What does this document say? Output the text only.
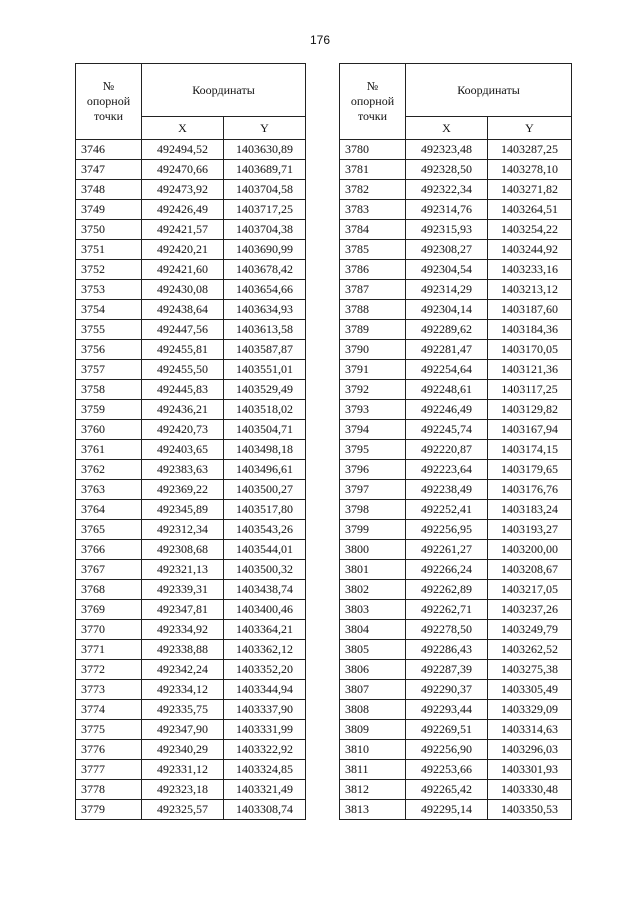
176
№
опорной
точки	Координаты	
	X	Y
3746	492494,52	1403630,89
3747	492470,66	1403689,71
3748	492473,92	1403704,58
3749	492426,49	1403717,25
3750	492421,57	1403704,38
3751	492420,21	1403690,99
3752	492421,60	1403678,42
3753	492430,08	1403654,66
3754	492438,64	1403634,93
3755	492447,56	1403613,58
3756	492455,81	1403587,87
3757	492455,50	1403551,01
3758	492445,83	1403529,49
3759	492436,21	1403518,02
3760	492420,73	1403504,71
3761	492403,65	1403498,18
3762	492383,63	1403496,61
3763	492369,22	1403500,27
3764	492345,89	1403517,80
3765	492312,34	1403543,26
3766	492308,68	1403544,01
3767	492321,13	1403500,32
3768	492339,31	1403438,74
3769	492347,81	1403400,46
3770	492334,92	1403364,21
3771	492338,88	1403362,12
3772	492342,24	1403352,20
3773	492334,12	1403344,94
3774	492335,75	1403337,90
3775	492347,90	1403331,99
3776	492340,29	1403322,92
3777	492331,12	1403324,85
3778	492323,18	1403321,49
3779	492325,57	1403308,74
№
опорной
точки	Координаты	
	X	Y
3780	492323,48	1403287,25
3781	492328,50	1403278,10
3782	492322,34	1403271,82
3783	492314,76	1403264,51
3784	492315,93	1403254,22
3785	492308,27	1403244,92
3786	492304,54	1403233,16
3787	492314,29	1403213,12
3788	492304,14	1403187,60
3789	492289,62	1403184,36
3790	492281,47	1403170,05
3791	492254,64	1403121,36
3792	492248,61	1403117,25
3793	492246,49	1403129,82
3794	492245,74	1403167,94
3795	492220,87	1403174,15
3796	492223,64	1403179,65
3797	492238,49	1403176,76
3798	492252,41	1403183,24
3799	492256,95	1403193,27
3800	492261,27	1403200,00
3801	492266,24	1403208,67
3802	492262,89	1403217,05
3803	492262,71	1403237,26
3804	492278,50	1403249,79
3805	492286,43	1403262,52
3806	492287,39	1403275,38
3807	492290,37	1403305,49
3808	492293,44	1403329,09
3809	492269,51	1403314,63
3810	492256,90	1403296,03
3811	492253,66	1403301,93
3812	492265,42	1403330,48
3813	492295,14	1403350,53
